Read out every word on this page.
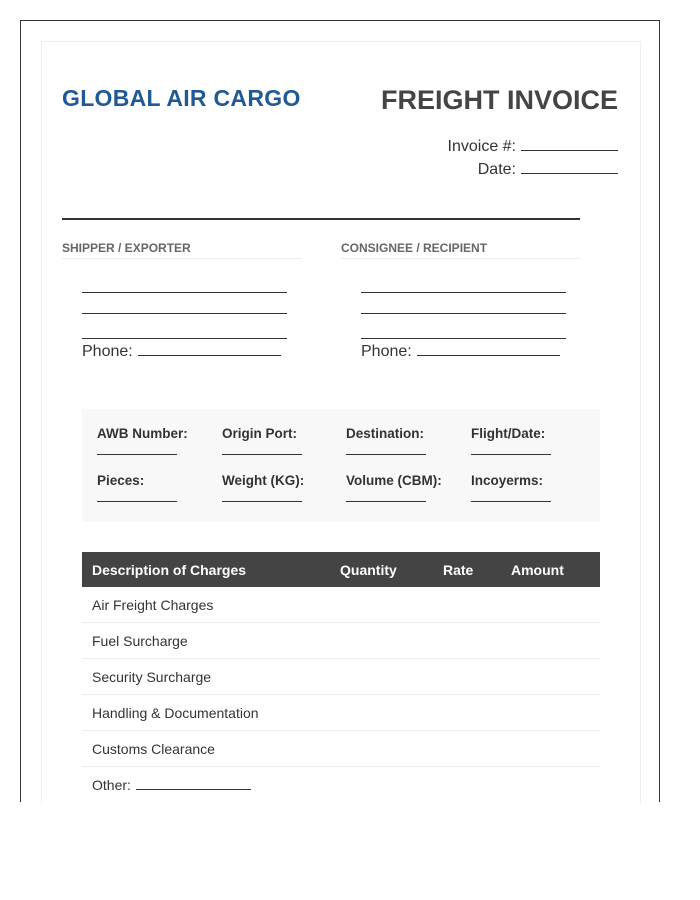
GLOBAL AIR CARGO	FREIGHT INVOICE
Invoice #:
Date:
SHIPPER / EXPORTER	CONSIGNEE / RECIPIENT
Phone:	Phone:
AWB Number:	Origin Port:	Destination:	Flight/Date:
Pieces:	Weight (KG):	Volume (CBM):	Incoyerms:
Description of Charges	Quantity	Rate	Amount
Air Freight Charges
Fuel Surcharge
Security Surcharge
Handling & Documentation
Customs Clearance
Other:
